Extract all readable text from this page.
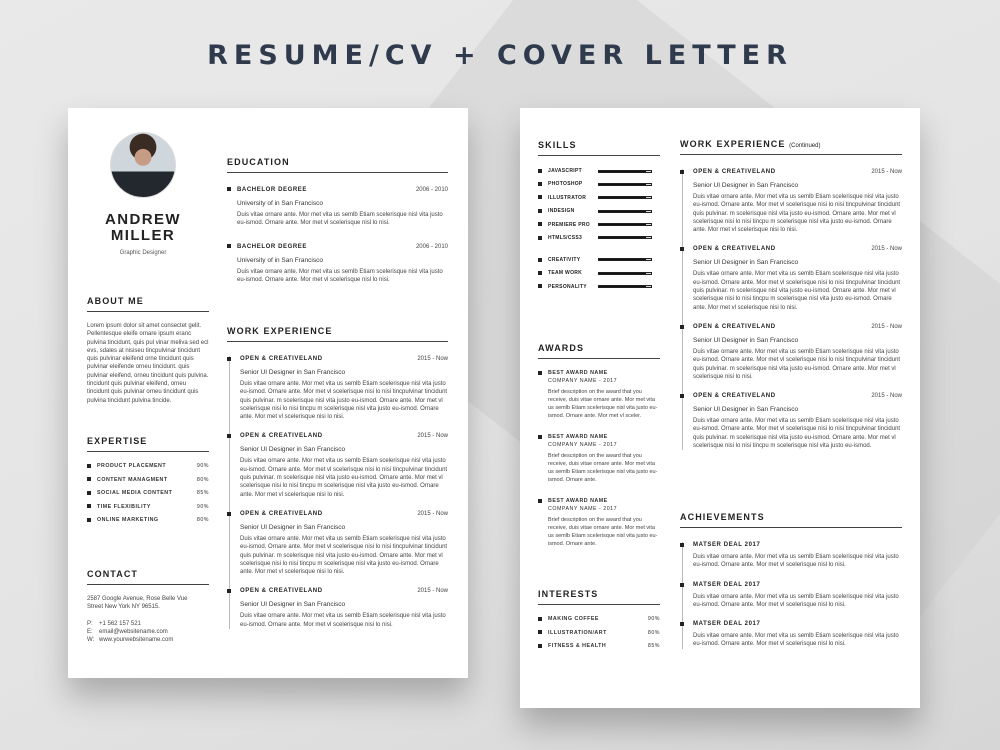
RESUME/CV + COVER LETTER
ANDREW
MILLER
Graphic Designer
ABOUT ME
Lorem ipsum dolor sit amet consectet gelit. Pellentesque eleife ornare ipsum eranc pulvina tincidunt, quis pul vinar meliva sed ecl evs, sdales at nisiseu tincpulvinar tincidunt quis pulvinar eleifend orne tincidunt quis pulvinar eleifende orneu tincidunt. quis pulvinar eleifend, orneu tincidunt quis pulvina. tincidunt quis pulvinar eleifend, orneu tincidunt quis pulvinar orneu tincidunt quis pulvina tincidunt pulvina tincide.
EXPERTISE
PRODUCT PLACEMENT	90%
CONTENT MANAGMENT	80%
SOCIAL MEDIA CONTENT	85%
TIME FLEXIBILITY	90%
ONLINE MARKETING	80%
CONTACT
2587 Google Avenue, Rose Belle Vue Street New York NY 96515.
P: +1 562 157 521
E: email@websitename.com
W: www.yourwebsitename.com
EDUCATION
BACHELOR DEGREE	2006 - 2010
University of in San Francisco
Duis vitae ornare ante. Mor met vita us semlb Etiam scelerisque nisl vita justo eu-ismod. Ornare ante. Mor met vl scelerisque nisl lo nisi.
BACHELOR DEGREE	2006 - 2010
University of in San Francisco
Duis vitae ornare ante. Mor met vita us semlb Etiam scelerisque nisl vita justo eu-ismod. Ornare ante. Mor met vl scelerisque nisl lo nisi.
WORK EXPERIENCE
OPEN & CREATIVELAND	2015 - Now
Senior UI Designer in San Francisco
Duis vitae ornare ante. Mor met vita us semlb Etiam scelerisque nisl vita justo eu-ismod. Ornare ante. Mor met vl scelerisque nisi lo nisi tincpulvinar tincidunt quis pulvinar. m scelerisque nisl vita justo eu-ismod. Ornare ante. Mor met vl scelerisque nisi lo nisi tincpu m scelerisque nisl vita justo eu-ismod. Ornare ante. Mor met vl scelerisque nisi lo nisi.
OPEN & CREATIVELAND	2015 - Now
Senior UI Designer in San Francisco
Duis vitae ornare ante. Mor met vita us semlb Etiam scelerisque nisl vita justo eu-ismod. Ornare ante. Mor met vl scelerisque nisi lo nisi tincpulvinar tincidunt quis pulvinar. m scelerisque nisl vita justo eu-ismod. Ornare ante. Mor met vl scelerisque nisi lo nisi tincpu m scelerisque nisl vita justo eu-ismod. Ornare ante. Mor met vl scelerisque nisi lo nisi.
OPEN & CREATIVELAND	2015 - Now
Senior UI Designer in San Francisco
Duis vitae ornare ante. Mor met vita us semlb Etiam scelerisque nisl vita justo eu-ismod. Ornare ante. Mor met vl scelerisque nisi lo nisi tincpulvinar tincidunt quis pulvinar. m scelerisque nisl vita justo eu-ismod. Ornare ante. Mor met vl scelerisque nisi lo nisi tincpu m scelerisque nisl vita justo eu-ismod. Ornare ante. Mor met vl scelerisque nisi lo nisi.
OPEN & CREATIVELAND	2015 - Now
Senior UI Designer in San Francisco
Duis vitae ornare ante. Mor met vita us semlb Etiam scelerisque nisl vita justo eu-ismod. Ornare ante. Mor met vl scelerisque nisi lo nisi.
SKILLS
JAVASCRIPT
PHOTOSHOP
ILLUSTRATOR
INDESIGN
PREMIERE PRO
HTML5/CSS3
CREATIVITY
TEAM WORK
PERSONALITY
AWARDS
BEST AWARD NAME
COMPANY NAME - 2017
Brief description on the award that you receive, duis vitae ornare ante. Mor met vita us semlb Etiam scelerisque nisl vita justo eu-ismod. Ornare ante. Mor met vl sceler.
BEST AWARD NAME
COMPANY NAME - 2017
Brief description on the award that you receive, duis vitae ornare ante. Mor met vita us semlb Etiam scelerisque nisl vita justo eu-ismod. Ornare ante.
BEST AWARD NAME
COMPANY NAME - 2017
Brief description on the award that you receive, duis vitae ornare ante. Mor met vita us semlb Etiam scelerisque nisl vita justo eu-ismod. Ornare ante.
INTERESTS
MAKING COFFEE	90%
ILLUSTRATION/ART	80%
FITNESS & HEALTH	85%
WORK EXPERIENCE (Continued)
OPEN & CREATIVELAND	2015 - Now
Senior UI Designer in San Francisco
Duis vitae ornare ante. Mor met vita us semlb Etiam scelerisque nisl vita justo eu-ismod. Ornare ante. Mor met vl scelerisque nisi lo nisi tincpulvinar tincidunt quis pulvinar. m scelerisque nisl vita justo eu-ismod. Ornare ante. Mor met vl scelerisque nisi lo nisi tincpu m scelerisque nisl vita justo eu-ismod. Ornare ante. Mor met vl scelerisque nisi lo nisi.
OPEN & CREATIVELAND	2015 - Now
Senior UI Designer in San Francisco
Duis vitae ornare ante. Mor met vita us semlb Etiam scelerisque nisl vita justo eu-ismod. Ornare ante. Mor met vl scelerisque nisi lo nisi tincpulvinar tincidunt quis pulvinar. m scelerisque nisl vita justo eu-ismod. Ornare ante. Mor met vl scelerisque nisi lo nisi tincpu m scelerisque nisl vita justo eu-ismod. Ornare ante. Mor met vl scelerisque nisi lo nisi.
OPEN & CREATIVELAND	2015 - Now
Senior UI Designer in San Francisco
Duis vitae ornare ante. Mor met vita us semlb Etiam scelerisque nisl vita justo eu-ismod. Ornare ante. Mor met vl scelerisque nisi lo nisi tincpulvinar tincidunt quis pulvinar. m scelerisque nisl vita justo eu-ismod. Ornare ante. Mor met vl scelerisque nisi lo nisi.
OPEN & CREATIVELAND	2015 - Now
Senior UI Designer in San Francisco
Duis vitae ornare ante. Mor met vita us semlb Etiam scelerisque nisl vita justo eu-ismod. Ornare ante. Mor met vl scelerisque nisi lo nisi tincpulvinar tincidunt quis pulvinar. m scelerisque nisl vita justo eu-ismod. Ornare ante. Mor met vl scelerisque nisi lo nisi tincpu m scelerisque nisl vita justo eu-ismod.
ACHIEVEMENTS
MATSER DEAL 2017
Duis vitae ornare ante. Mor met vita us semlb Etiam scelerisque nisl vita justo eu-ismod. Ornare ante. Mor met vl scelerisque nisl lo nisi.
MATSER DEAL 2017
Duis vitae ornare ante. Mor met vita us semlb Etiam scelerisque nisl vita justo eu-ismod. Ornare ante. Mor met vl scelerisque nisl lo nisi.
MATSER DEAL 2017
Duis vitae ornare ante. Mor met vita us semlb Etiam scelerisque nisl vita justo eu-ismod. Ornare ante. Mor met vl scelerisque nisl lo nisi.
